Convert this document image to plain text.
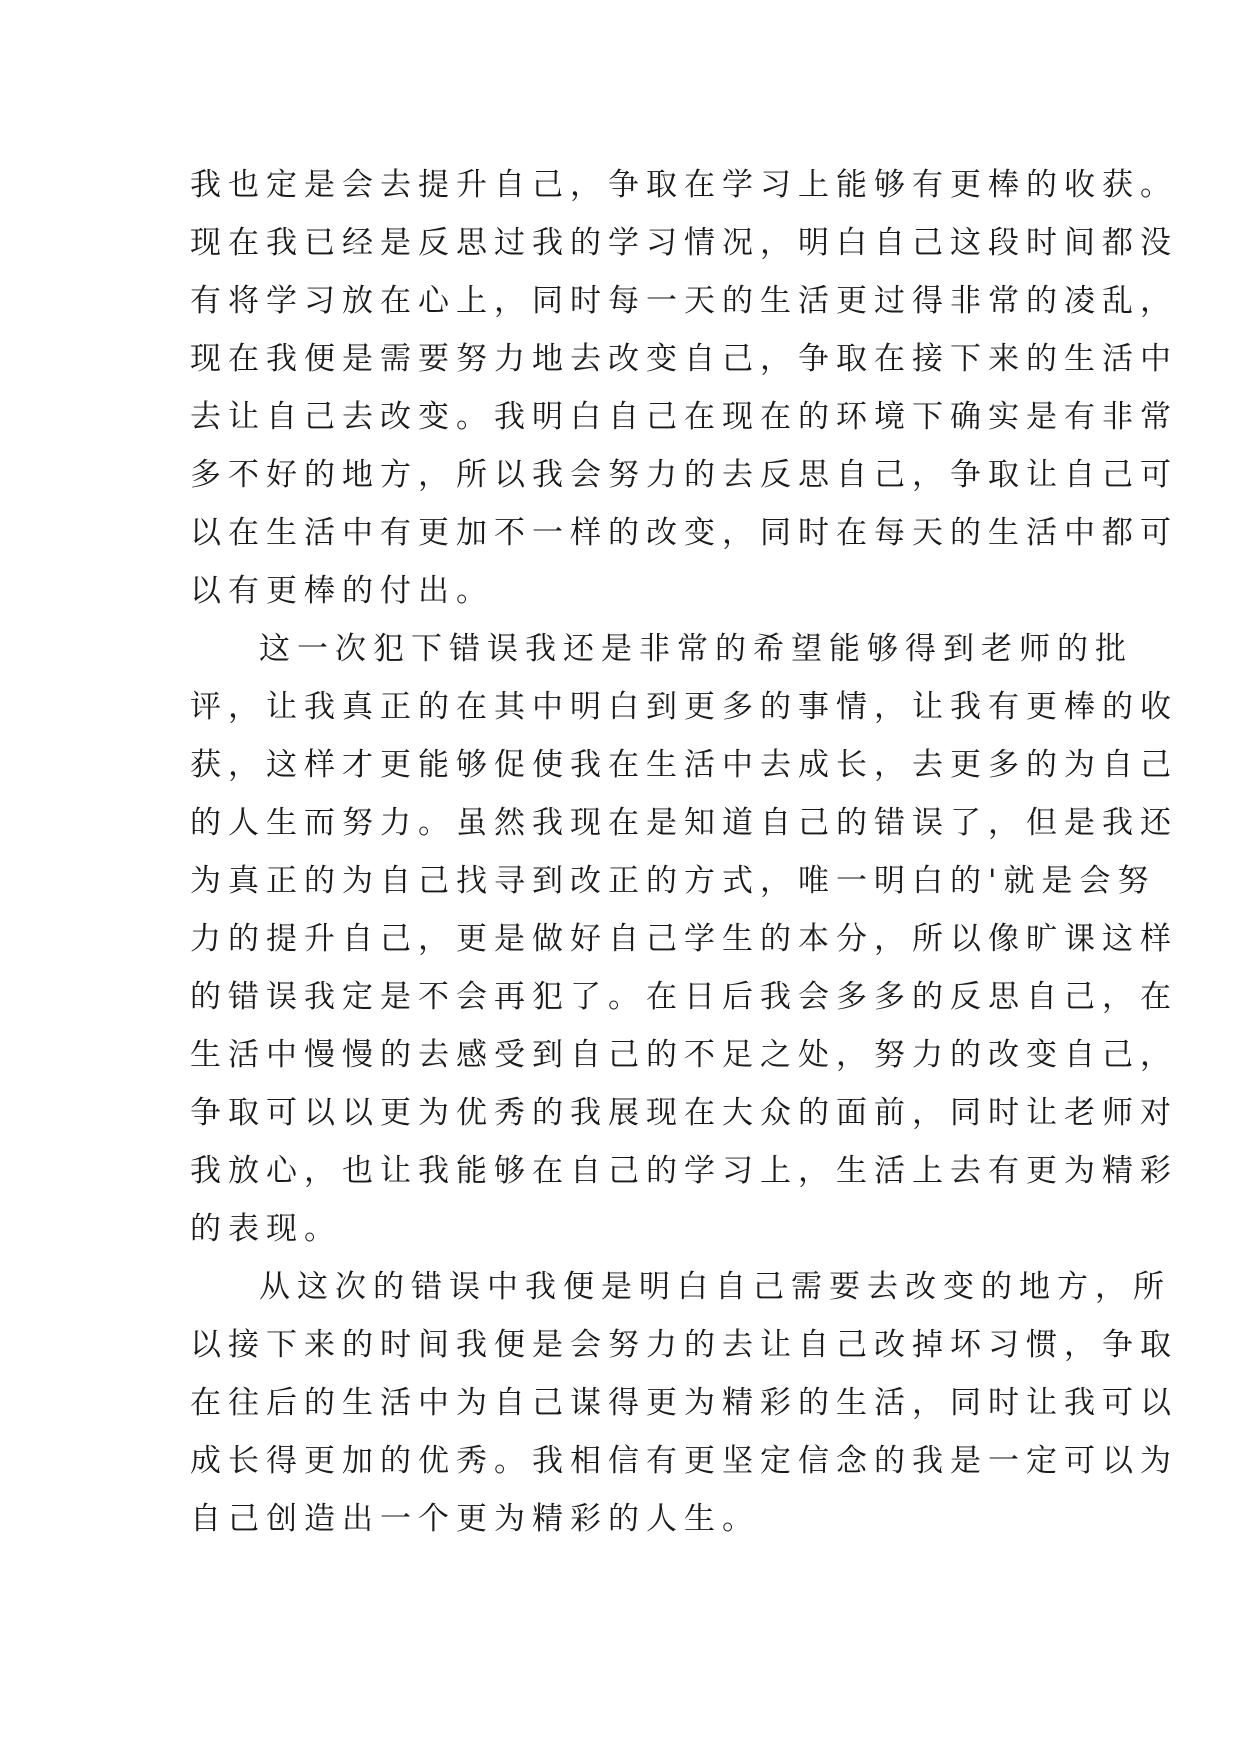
我也定是会去提升自己，争取在学习上能够有更棒的收获。
现在我已经是反思过我的学习情况，明白自己这段时间都没
有将学习放在心上，同时每一天的生活更过得非常的凌乱，
现在我便是需要努力地去改变自己，争取在接下来的生活中
去让自己去改变。我明白自己在现在的环境下确实是有非常
多不好的地方，所以我会努力的去反思自己，争取让自己可
以在生活中有更加不一样的改变，同时在每天的生活中都可
以有更棒的付出。
这一次犯下错误我还是非常的希望能够得到老师的批
评，让我真正的在其中明白到更多的事情，让我有更棒的收
获，这样才更能够促使我在生活中去成长，去更多的为自己
的人生而努力。虽然我现在是知道自己的错误了，但是我还
为真正的为自己找寻到改正的方式，唯一明白的'就是会努
力的提升自己，更是做好自己学生的本分，所以像旷课这样
的错误我定是不会再犯了。在日后我会多多的反思自己，在
生活中慢慢的去感受到自己的不足之处，努力的改变自己，
争取可以以更为优秀的我展现在大众的面前，同时让老师对
我放心，也让我能够在自己的学习上，生活上去有更为精彩
的表现。
从这次的错误中我便是明白自己需要去改变的地方，所
以接下来的时间我便是会努力的去让自己改掉坏习惯，争取
在往后的生活中为自己谋得更为精彩的生活，同时让我可以
成长得更加的优秀。我相信有更坚定信念的我是一定可以为
自己创造出一个更为精彩的人生。
